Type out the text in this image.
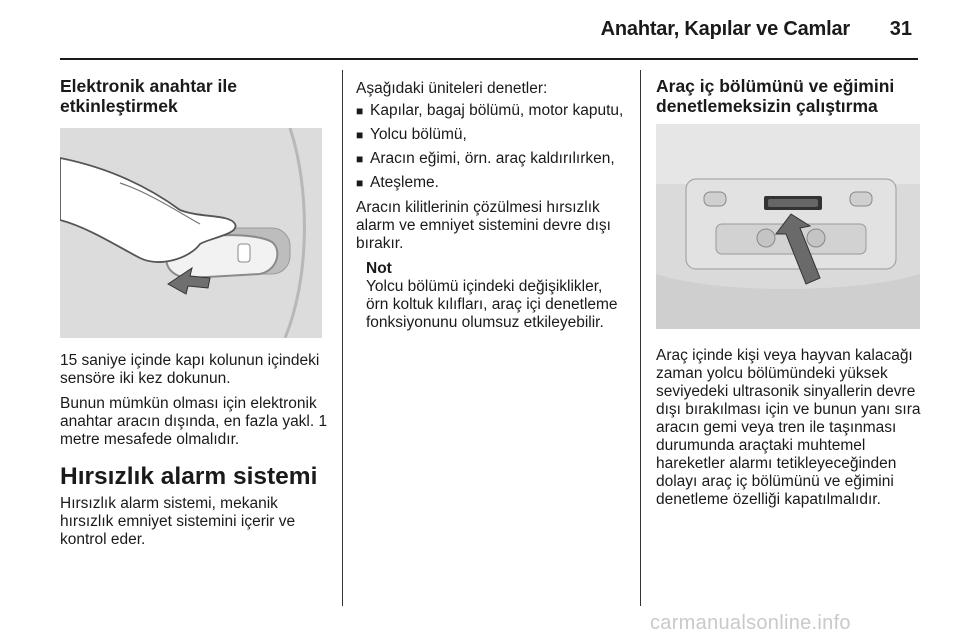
Anahtar, Kapılar ve Camlar	31
Elektronik anahtar ile etkinleştirmek

15 saniye içinde kapı kolunun içindeki sensöre iki kez dokunun.

Bunun mümkün olması için elektronik anahtar aracın dışında, en fazla yakl. 1 metre mesafede olmalıdır.

Hırsızlık alarm sistemi

Hırsızlık alarm sistemi, mekanik hırsızlık emniyet sistemini içerir ve kontrol eder.

Aşağıdaki üniteleri denetler:

■ Kapılar, bagaj bölümü, motor kaputu,
■ Yolcu bölümü,
■ Aracın eğimi, örn. araç kaldırılırken,
■ Ateşleme.

Aracın kilitlerinin çözülmesi hırsızlık alarm ve emniyet sistemini devre dışı bırakır.

Not
Yolcu bölümü içindeki değişiklikler, örn koltuk kılıfları, araç içi denetleme fonksiyonunu olumsuz etkileyebilir.
Araç iç bölümünü ve eğimini denetlemeksizin çalıştırma

Araç içinde kişi veya hayvan kalacağı zaman yolcu bölümündeki yüksek seviyedeki ultrasonik sinyallerin devre dışı bırakılması için ve bunun yanı sıra aracın gemi veya tren ile taşınması durumunda araçtaki muhtemel hareketler alarmı tetikleyeceğinden dolayı araç iç bölümünü ve eğimini denetleme özelliği kapatılmalıdır.

carmanualsonline.info
